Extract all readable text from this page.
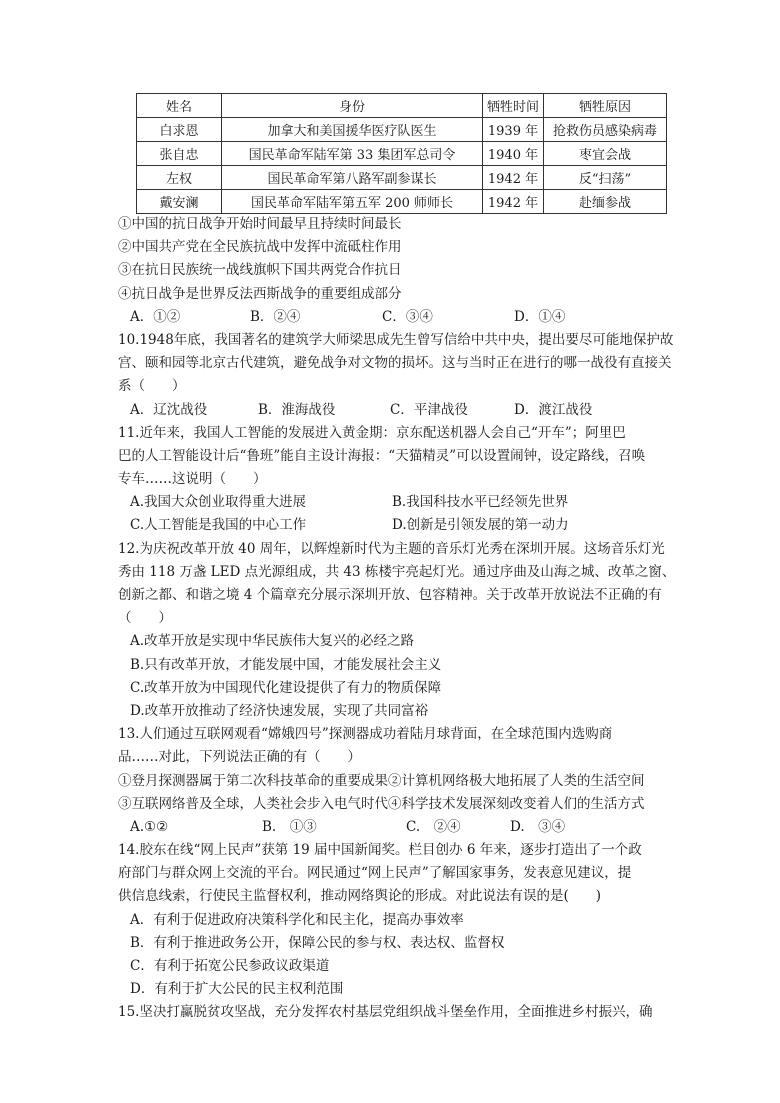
姓名	身份	牺牲时间	牺牲原因
白求恩	加拿大和美国援华医疗队医生	1939 年	抢救伤员感染病毒
张自忠	国民革命军陆军第 33 集团军总司令	1940 年	枣宜会战
左权	国民革命军第八路军副参谋长	1942 年	反“扫荡”
戴安澜	国民革命军陆军第五军 200 师师长	1942 年	赴缅参战
①中国的抗日战争开始时间最早且持续时间最长
②中国共产党在全民族抗战中发挥中流砥柱作用
③在抗日民族统一战线旗帜下国共两党合作抗日
④抗日战争是世界反法西斯战争的重要组成部分
A．①②	B．②④	C．③④	D．①④
10.1948年底，我国著名的建筑学大师梁思成先生曾写信给中共中央，提出要尽可能地保护故
宫、颐和园等北京古代建筑，避免战争对文物的损坏。这与当时正在进行的哪一战役有直接关
系（　　）
A．辽沈战役	B．淮海战役	C．平津战役	D．渡江战役
11.近年来，我国人工智能的发展进入黄金期：京东配送机器人会自己“开车”；阿里巴
巴的人工智能设计后“鲁班”能自主设计海报：“天猫精灵”可以设置闹钟，设定路线，召唤
专车……这说明（　　）
A.我国大众创业取得重大进展	B.我国科技水平已经领先世界
C.人工智能是我国的中心工作	D.创新是引领发展的第一动力
12.为庆祝改革开放 40 周年，以辉煌新时代为主题的音乐灯光秀在深圳开展。这场音乐灯光
秀由 118 万盏 LED 点光源组成，共 43 栋楼宇亮起灯光。通过序曲及山海之城、改革之窗、
创新之都、和谐之境 4 个篇章充分展示深圳开放、包容精神。关于改革开放说法不正确的有
（　　）
A.改革开放是实现中华民族伟大复兴的必经之路
B.只有改革开放，才能发展中国，才能发展社会主义
C.改革开放为中国现代化建设提供了有力的物质保障
D.改革开放推动了经济快速发展，实现了共同富裕
13.人们通过互联网观看“嫦娥四号”探测器成功着陆月球背面，在全球范围内选购商
品……对此，下列说法正确的有（　　）
①登月探测器属于第二次科技革命的重要成果②计算机网络极大地拓展了人类的生活空间
③互联网络普及全球，人类社会步入电气时代④科学技术发展深刻改变着人们的生活方式
A.①②	B.　①③	C.　②④	D.　③④
14.胶东在线“网上民声”获第 19 届中国新闻奖。栏目创办 6 年来，逐步打造出了一个政
府部门与群众网上交流的平台。网民通过“网上民声”了解国家事务，发表意见建议，提
供信息线索，行使民主监督权利，推动网络舆论的形成。对此说法有误的是(　　)
A．有利于促进政府决策科学化和民主化，提高办事效率
B．有利于推进政务公开，保障公民的参与权、表达权、监督权
C．有利于拓宽公民参政议政渠道
D．有利于扩大公民的民主权利范围
15.坚决打赢脱贫攻坚战，充分发挥农村基层党组织战斗堡垒作用，全面推进乡村振兴，确
